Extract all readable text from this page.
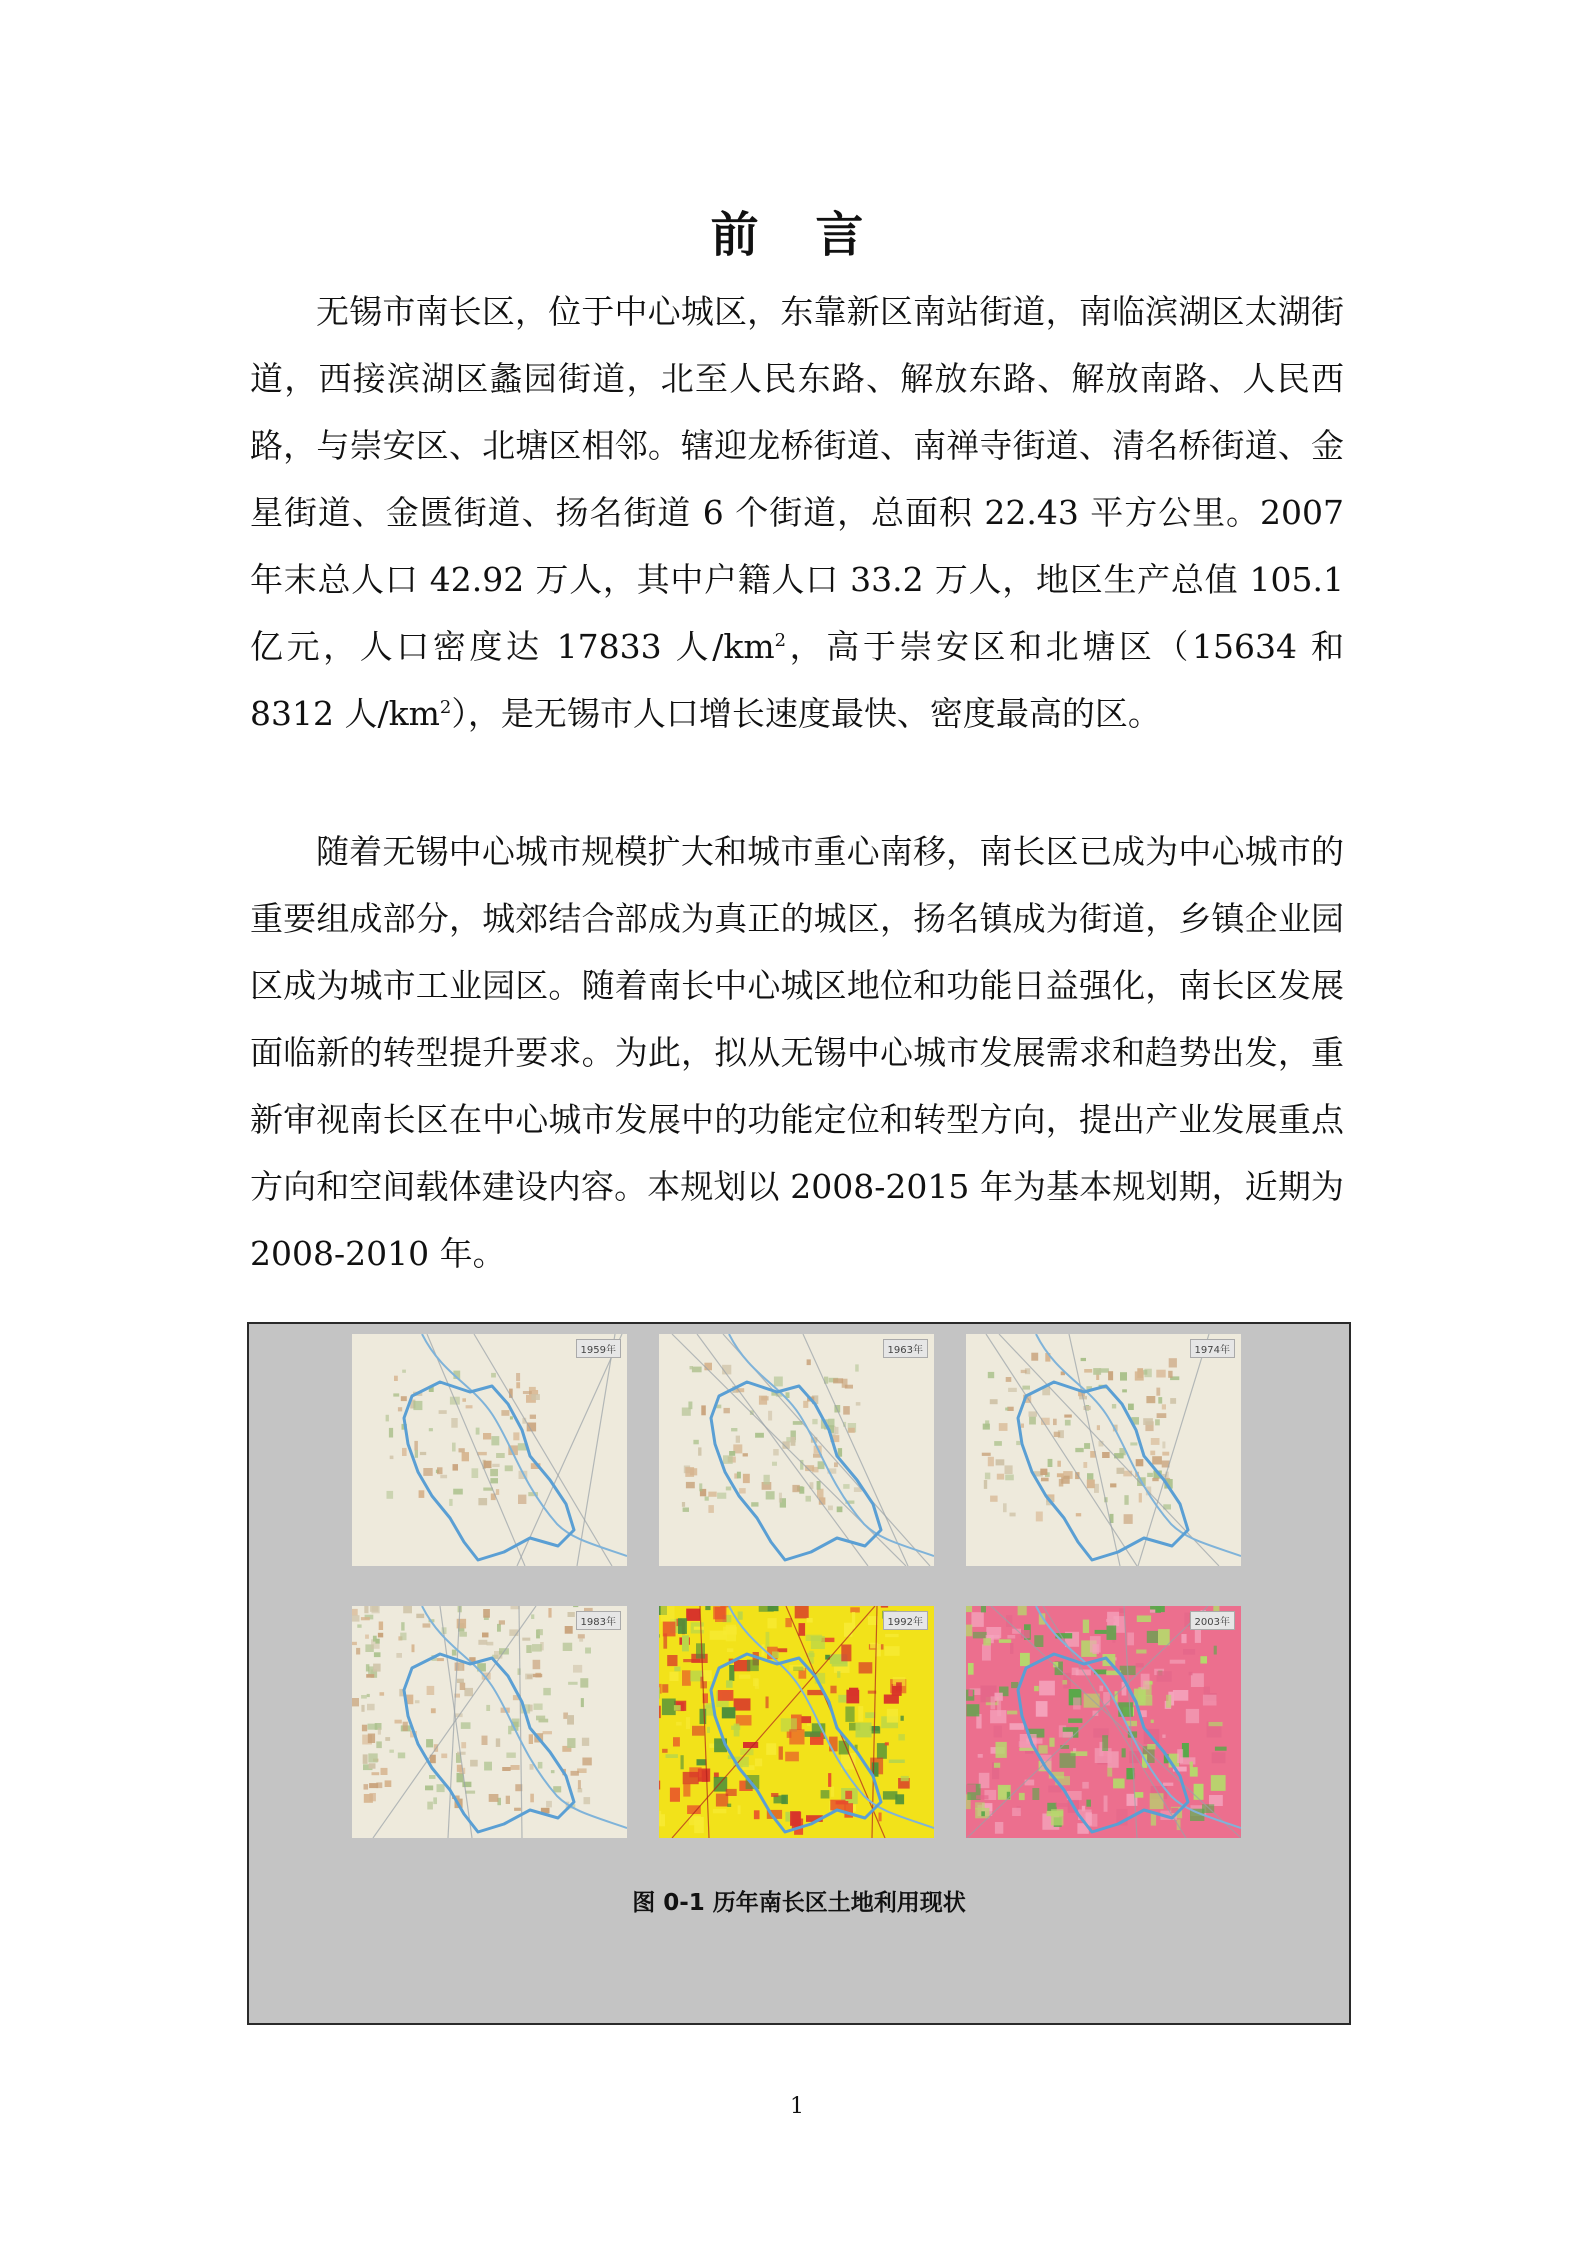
前 言

无锡市南长区，位于中心城区，东靠新区南站街道，南临滨湖区太湖街道，西接滨湖区蠡园街道，北至人民东路、解放东路、解放南路、人民西路，与崇安区、北塘区相邻。辖迎龙桥街道、南禅寺街道、清名桥街道、金星街道、金匮街道、扬名街道 6 个街道，总面积 22.43 平方公里。2007 年末总人口 42.92 万人，其中户籍人口 33.2 万人，地区生产总值 105.1 亿元，人口密度达 17833 人$/km^2$，高于崇安区和北塘区（15634 和 8312 人$/km^2$），是无锡市人口增长速度最快、密度最高的区。

随着无锡中心城市规模扩大和城市重心南移，南长区已成为中心城市的重要组成部分，城郊结合部成为真正的城区，扬名镇成为街道，乡镇企业园区成为城市工业园区。随着南长中心城区地位和功能日益强化，南长区发展面临新的转型提升要求。为此，拟从无锡中心城市发展需求和趋势出发，重新审视南长区在中心城市发展中的功能定位和转型方向，提出产业发展重点方向和空间载体建设内容。本规划以 2008-2015 年为基本规划期，近期为 2008-2010 年。

1959年	1963年	1974年
1983年	1992年	2003年
图 0-1 历年南长区土地利用现状
1
